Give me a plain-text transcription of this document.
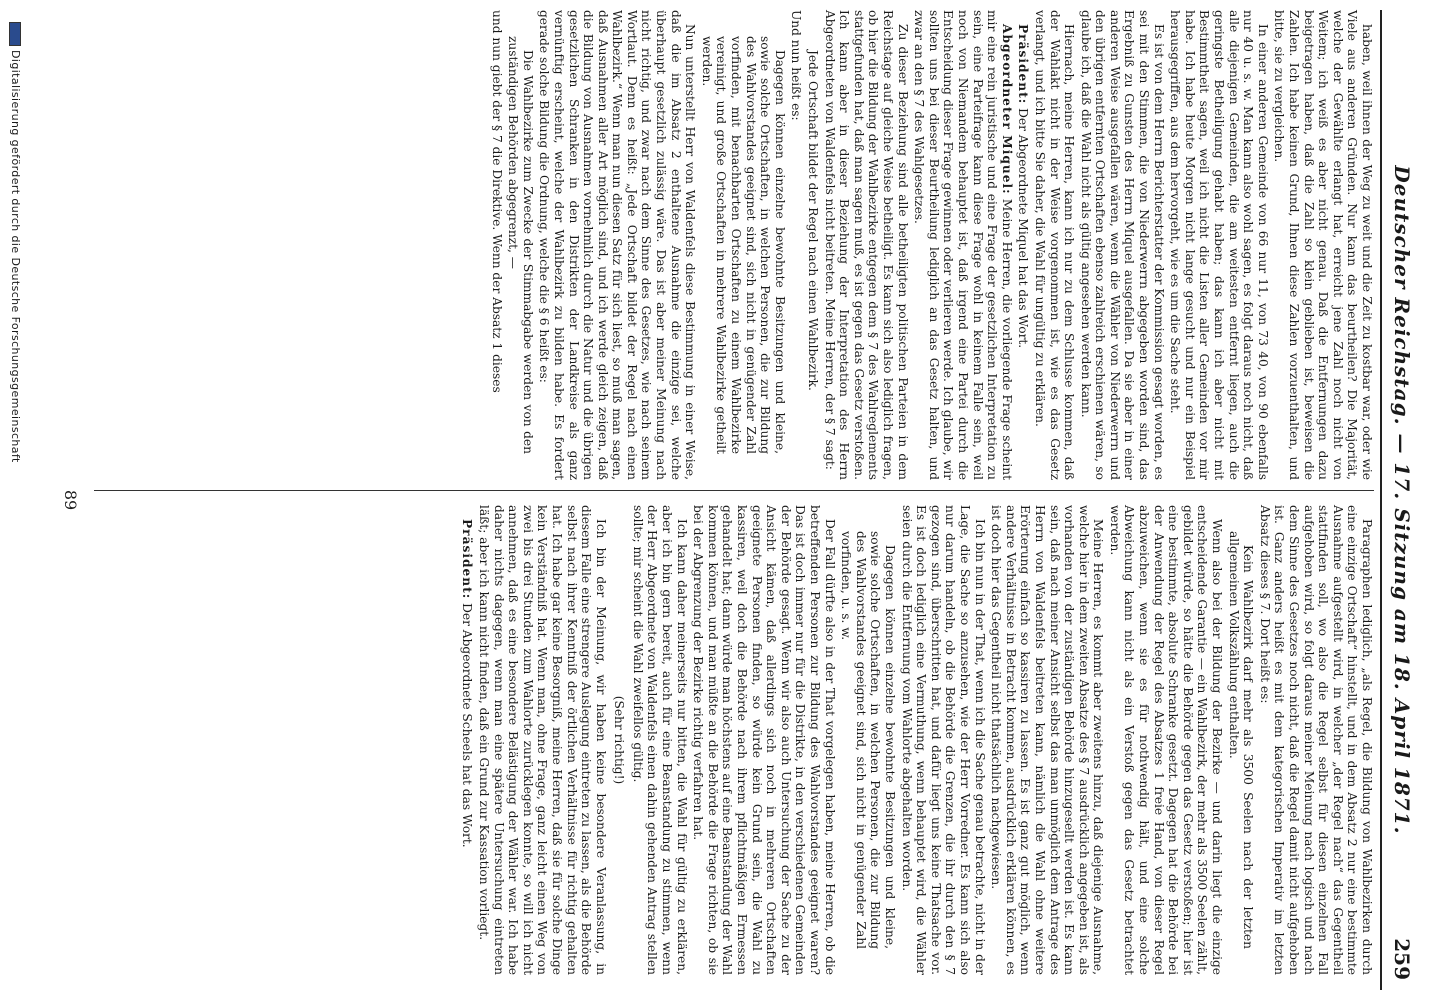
Deutscher Reichstag. — 17. Sitzung am 18. April 1871.
259

haben, weil ihnen der Weg zu weit und die Zeit zu kostbar war, oder wie Viele aus anderen Gründen. Nur kann das beurtheilen? Die Majorität, welche der Gewählte erlangt hat, erreicht jene Zahl noch nicht von Weitem; ich weiß es aber nicht genau. Daß die Entfernungen dazu beigetragen haben, daß die Zahl so klein geblieben ist, beweisen die Zahlen. Ich habe keinen Grund, Ihnen diese Zahlen vorzuenthalten, und bitte, sie zu vergleichen.

In einer anderen Gemeinde von 66 nur 11, von 73 40, von 90 ebenfalls nur 40 u. s. w. Man kann also wohl sagen, es folgt daraus noch nicht, daß alle diejenigen Gemeinden, die am weitesten entfernt liegen, auch die geringste Betheiligung gehabt haben; das kann ich aber nicht mit Bestimmtheit sagen, weil ich nicht die Listen aller Gemeinden vor mir habe. Ich habe heute Morgen nicht lange gesucht und nur ein Beispiel herausgegriffen, aus dem hervorgeht, wie es um die Sache steht.

Es ist von dem Herrn Berichterstatter der Kommission gesagt worden, es sei mit den Stimmen, die von Niederwerrn abgegeben worden sind, das Ergebniß zu Gunsten des Herrn Miquel ausgefallen. Da sie aber in einer anderen Weise ausgefallen wären, wenn die Wähler von Niederwerrn und den übrigen entfernten Ortschaften ebenso zahlreich erschienen wären, so glaube ich, daß die Wahl nicht als gültig angesehen werden kann.

Hiernach, meine Herren, kann ich nur zu dem Schlusse kommen, daß der Wahlakt nicht in der Weise vorgenommen ist, wie es das Gesetz verlangt, und ich bitte Sie daher, die Wahl für ungültig zu erklären.

Präsident: Der Abgeordnete Miquel hat das Wort.

Abgeordneter Miquel: Meine Herren, die vorliegende Frage scheint mir eine rein juristische und eine Frage der gesetzlichen Interpretation zu sein, eine Parteifrage kann diese Frage wohl in keinem Falle sein, weil noch von Niemandem behauptet ist, daß irgend eine Partei durch die Entscheidung dieser Frage gewinnen oder verlieren werde. Ich glaube, wir sollten uns bei dieser Beurtheilung lediglich an das Gesetz halten, und zwar an den § 7 des Wahlgesetzes.

Zu dieser Beziehung sind alle betheiligten politischen Parteien in dem Reichstage auf gleiche Weise betheiligt. Es kann sich also lediglich fragen, ob hier die Bildung der Wahlbezirke entgegen dem § 7 des Wahlreglements stattgefunden hat, daß man sagen muß, es ist gegen das Gesetz verstoßen. Ich kann aber in dieser Beziehung der Interpretation des Herrn Abgeordneten von Waldenfels nicht beitreten. Meine Herren, der § 7 sagt:

Jede Ortschaft bildet der Regel nach einen Wahlbezirk.

Und nun heißt es:

Dagegen können einzelne bewohnte Besitzungen und kleine, sowie solche Ortschaften, in welchen Personen, die zur Bildung des Wahlvorstandes geeignet sind, sich nicht in genügender Zahl vorfinden, mit benachbarten Ortschaften zu einem Wahlbezirke vereinigt, und große Ortschaften in mehrere Wahlbezirke getheilt werden.

Nun unterstellt Herr von Waldenfels diese Bestimmung in einer Weise, daß die im Absatz 2 enthaltene Ausnahme die einzige sei, welche überhaupt gesetzlich zulässig wäre. Das ist aber meiner Meinung nach nicht richtig, und zwar nach dem Sinne des Gesetzes, wie nach seinem Wortlaut. Denn es heißt: „Jede Ortschaft bildet der Regel nach einen Wahlbezirk.“ Wenn man nun diesen Satz für sich liest, so muß man sagen, daß Ausnahmen aller Art möglich sind, und ich werde gleich zeigen, daß die Bildung von Ausnahmen vornehmlich durch die Natur und die übrigen gesetzlichen Schranken in den Distrikten der Landkreise als ganz vernünftig erscheint, welche der Wahlbezirk zu bilden habe. Es fordert gerade solche Bildung die Ordnung, welche die § 6 heißt es:

Die Wahlbezirke zum Zwecke der Stimmabgabe werden von den zuständigen Behörden abgegrenzt, —

und nun giebt der § 7 die Direktive. Wenn der Absatz 1 dieses

Paragraphen lediglich, „als Regel, die Bildung von Wahlbezirken durch eine einzige Ortschaft“ hinstellt, und in dem Absatz 2 nur eine bestimmte Ausnahme aufgestellt wird, in welcher „der Regel nach“ das Gegentheil stattfinden soll, wo also die Regel selbst für diesen einzelnen Fall aufgehoben wird, so folgt daraus meiner Meinung nach logisch und nach dem Sinne des Gesetzes noch nicht, daß die Regel damit nicht aufgehoben ist. Ganz anders heißt es mit dem kategorischen Imperativ im letzten Absatz dieses § 7. Dort heißt es:

Kein Wahlbezirk darf mehr als 3500 Seelen nach der letzten allgemeinen Volkszählung enthalten.

Wenn also bei der Bildung der Bezirke — und darin liegt die einzige entscheidende Garantie — ein Wahlbezirk, der mehr als 3500 Seelen zählt, gebildet würde, so hätte die Behörde gegen das Gesetz verstoßen; hier ist eine bestimmte, absolute Schranke gesetzt. Dagegen hat die Behörde bei der Anwendung der Regel des Absatzes 1 freie Hand, von dieser Regel abzuweichen, wenn sie es für nothwendig hält, und eine solche Abweichung kann nicht als ein Verstoß gegen das Gesetz betrachtet werden.

Meine Herren, es kommt aber zweitens hinzu, daß diejenige Ausnahme, welche hier in dem zweiten Absatze des § 7 ausdrücklich angegeben ist, als vorhanden von der zuständigen Behörde hinzugesellt werden ist. Es kann sein, daß nach meiner Ansicht selbst das man unmöglich dem Antrage des Herrn von Waldenfels beitreten kann, nämlich die Wahl ohne weitere Erörterung einfach so kassiren zu lassen. Es ist ganz gut möglich, wenn andere Verhältnisse in Betracht kommen, ausdrücklich erklären können, es ist doch hier das Gegentheil nicht thatsächlich nachgewiesen.

Ich bin nun in der That, wenn ich die Sache genau betrachte, nicht in der Lage, die Sache so anzusehen, wie der Herr Vorredner. Es kann sich also nur darum handeln, ob die Behörde die Grenzen, die ihr durch den § 7 gezogen sind, überschritten hat, und dafür liegt uns keine Thatsache vor. Es ist doch lediglich eine Vermuthung, wenn behauptet wird, die Wähler seien durch die Entfernung vom Wahlorte abgehalten worden.

Dagegen können einzelne bewohnte Besitzungen und kleine, sowie solche Ortschaften, in welchen Personen, die zur Bildung des Wahlvorstandes geeignet sind, sich nicht in genügender Zahl vorfinden, u. s. w.

Der Fall dürfte also in der That vorgelegen haben, meine Herren, ob die betreffenden Personen zur Bildung des Wahlvorstandes geeignet waren? Das ist doch immer nur für die Distrikte, in den verschiedenen Gemeinden der Behörde gesagt. Wenn wir also auch Untersuchung der Sache zu der Ansicht kämen, daß allerdings sich noch in mehreren Ortschaften geeignete Personen finden, so würde kein Grund sein, die Wahl zu kassiren, weil doch die Behörde nach ihrem pflichtmäßigen Ermessen gehandelt hat; dann würde man höchstens auf eine Beanstandung der Wahl kommen können, und man müßte an die Behörde die Frage richten, ob sie bei der Abgrenzung der Bezirke richtig verfahren hat.

Ich kann daher meinerseits nur bitten, die Wahl für gültig zu erklären, aber ich bin gern bereit, auch für eine Beanstandung zu stimmen, wenn der Herr Abgeordnete von Waldenfels einen dahin gehenden Antrag stellen sollte; mir scheint die Wahl zweifellos gültig.

(Sehr richtig!)

Ich bin der Meinung, wir haben keine besondere Veranlassung, in diesem Falle eine strengere Auslegung eintreten zu lassen, als die Behörde selbst nach ihrer Kenntniß der örtlichen Verhältnisse für richtig gehalten hat. Ich habe gar keine Besorgniß, meine Herren, daß sie für solche Dinge kein Verständniß hat. Wenn man, ohne Frage, ganz leicht einen Weg von zwei bis drei Stunden zum Wahlorte zurücklegen konnte, so will ich nicht annehmen, daß es eine besondere Belästigung der Wähler war. Ich habe daher nichts dagegen, wenn man eine spätere Untersuchung eintreten läßt; aber ich kann nicht finden, daß ein Grund zur Kassation vorliegt.

Präsident: Der Abgeordnete Scheels hat das Wort.

89
Digitalisierung gefördert durch die Deutsche Forschungsgemeinschaft
